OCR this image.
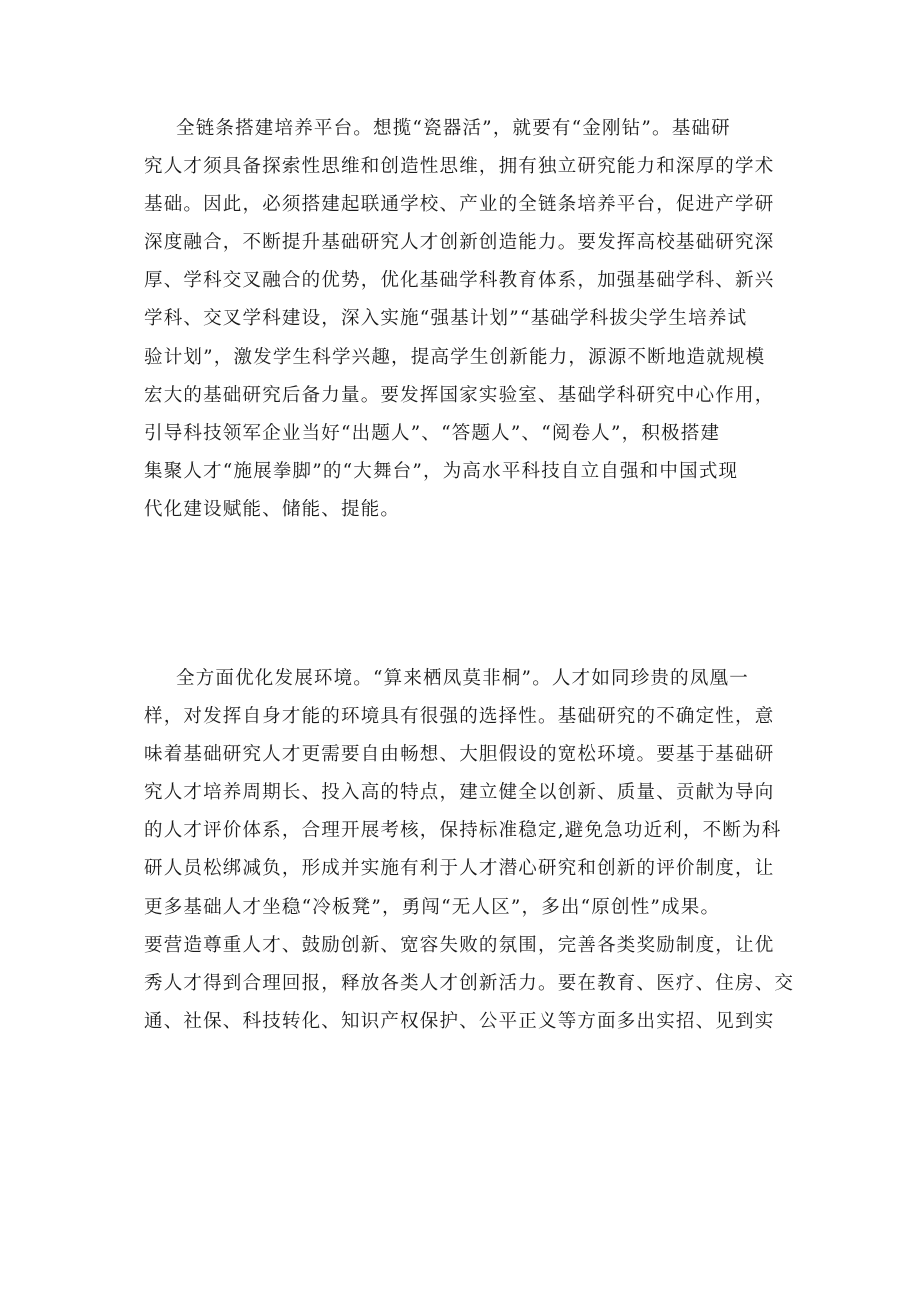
全链条搭建培养平台。想揽“瓷器活”，就要有“金刚钻”。基础研
究人才须具备探索性思维和创造性思维，拥有独立研究能力和深厚的学术
基础。因此，必须搭建起联通学校、产业的全链条培养平台，促进产学研
深度融合，不断提升基础研究人才创新创造能力。要发挥高校基础研究深
厚、学科交叉融合的优势，优化基础学科教育体系，加强基础学科、新兴
学科、交叉学科建设，深入实施“强基计划”“基础学科拔尖学生培养试
验计划”，激发学生科学兴趣，提高学生创新能力，源源不断地造就规模
宏大的基础研究后备力量。要发挥国家实验室、基础学科研究中心作用，
引导科技领军企业当好“出题人”、“答题人”、“阅卷人”，积极搭建
集聚人才“施展拳脚”的“大舞台”，为高水平科技自立自强和中国式现
代化建设赋能、储能、提能。
全方面优化发展环境。“算来栖凤莫非桐”。人才如同珍贵的凤凰一
样，对发挥自身才能的环境具有很强的选择性。基础研究的不确定性，意
味着基础研究人才更需要自由畅想、大胆假设的宽松环境。要基于基础研
究人才培养周期长、投入高的特点，建立健全以创新、质量、贡献为导向
的人才评价体系，合理开展考核，保持标准稳定,避免急功近利，不断为科
研人员松绑减负，形成并实施有利于人才潜心研究和创新的评价制度，让
更多基础人才坐稳“冷板凳”，勇闯“无人区”，多出“原创性”成果。
要营造尊重人才、鼓励创新、宽容失败的氛围，完善各类奖励制度，让优
秀人才得到合理回报，释放各类人才创新活力。要在教育、医疗、住房、交
通、社保、科技转化、知识产权保护、公平正义等方面多出实招、见到实
